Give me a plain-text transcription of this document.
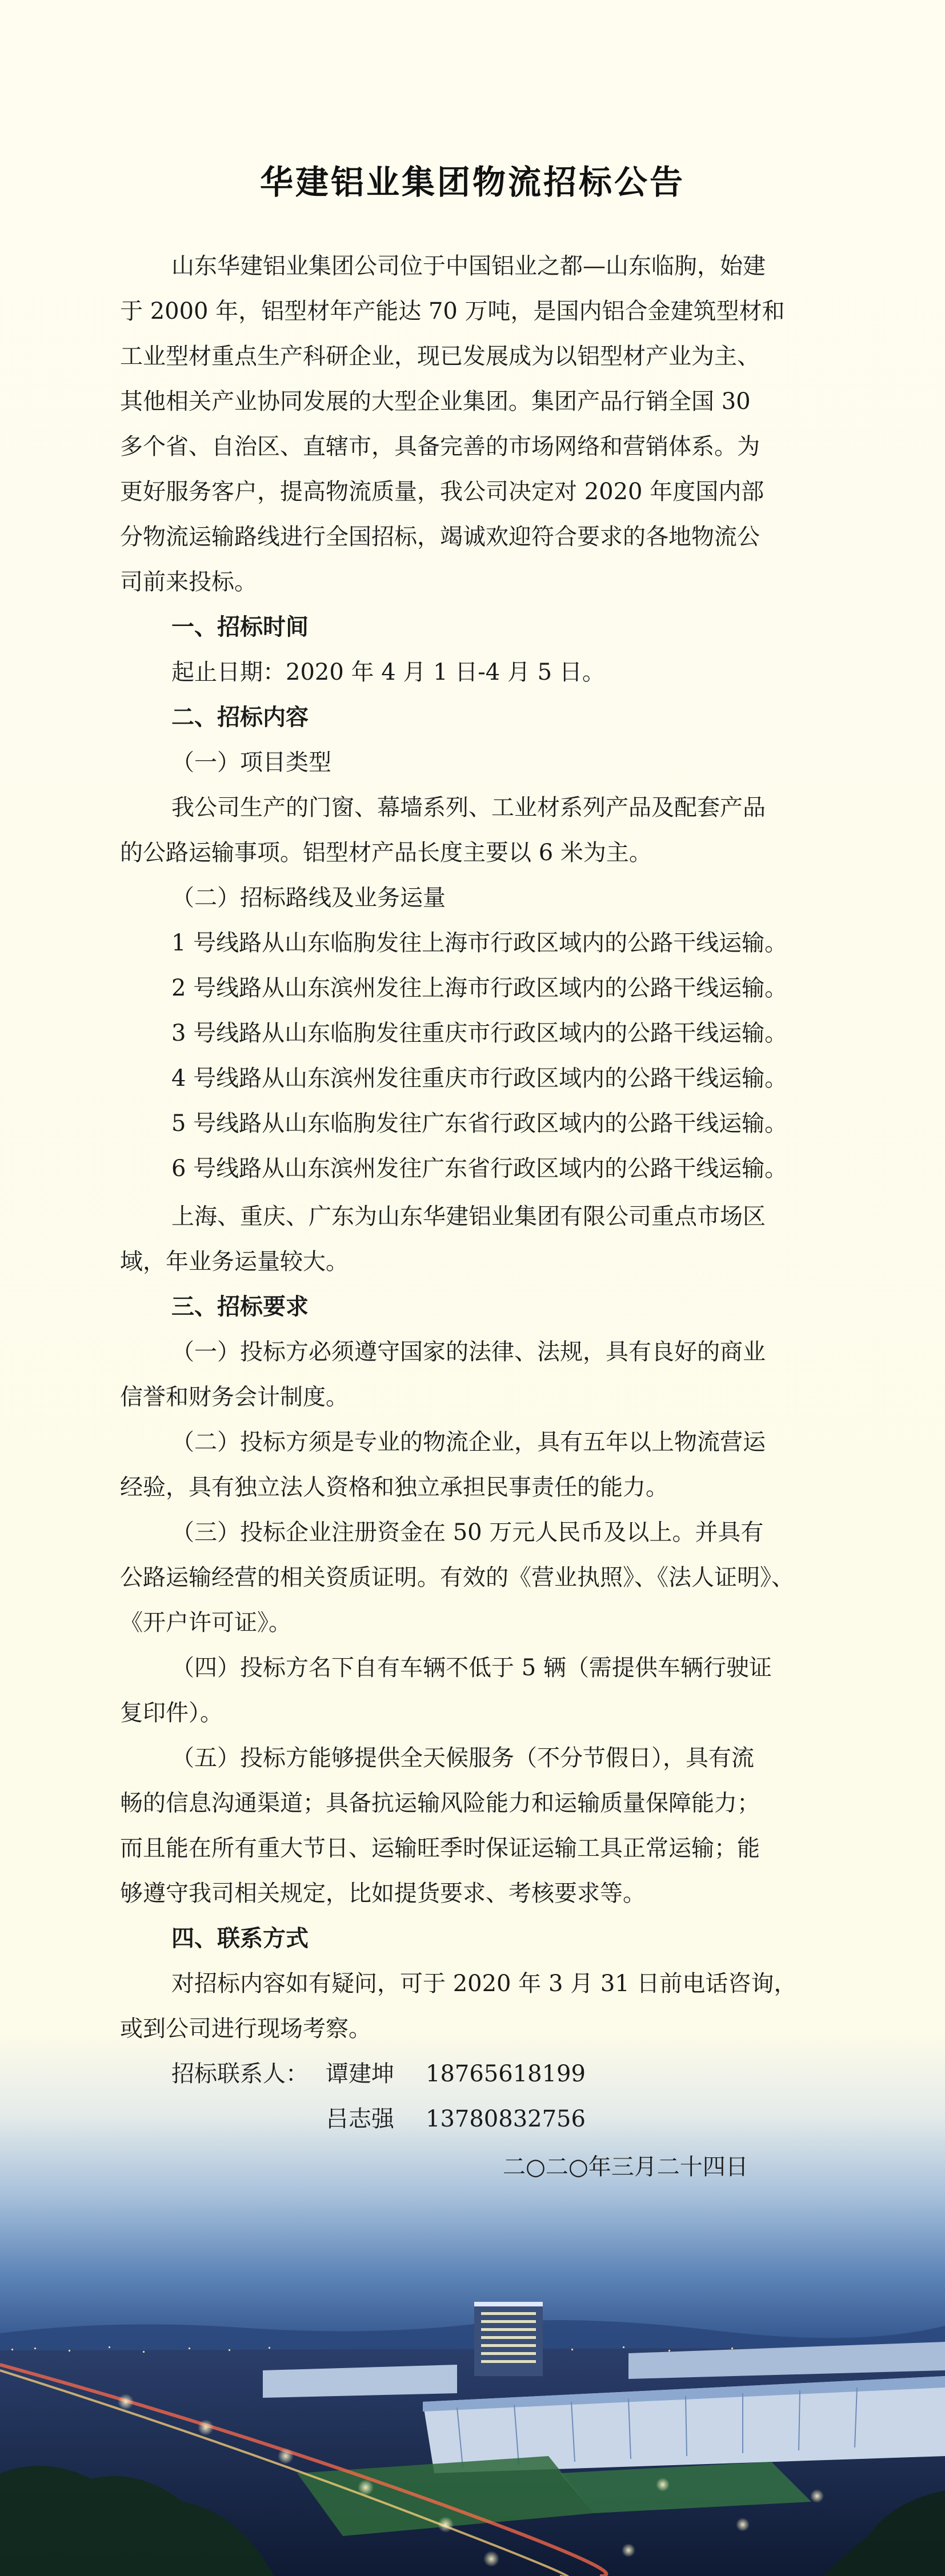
华建铝业集团物流招标公告
山东华建铝业集团公司位于中国铝业之都—山东临朐，始建
于 2000 年，铝型材年产能达 70 万吨，是国内铝合金建筑型材和
工业型材重点生产科研企业，现已发展成为以铝型材产业为主、
其他相关产业协同发展的大型企业集团。集团产品行销全国 30
多个省、自治区、直辖市，具备完善的市场网络和营销体系。为
更好服务客户，提高物流质量，我公司决定对 2020 年度国内部
分物流运输路线进行全国招标，竭诚欢迎符合要求的各地物流公
司前来投标。
一、招标时间
起止日期：2020 年 4 月 1 日-4 月 5 日。
二、招标内容
（一）项目类型
我公司生产的门窗、幕墙系列、工业材系列产品及配套产品
的公路运输事项。铝型材产品长度主要以 6 米为主。
（二）招标路线及业务运量
1 号线路从山东临朐发往上海市行政区域内的公路干线运输。
2 号线路从山东滨州发往上海市行政区域内的公路干线运输。
3 号线路从山东临朐发往重庆市行政区域内的公路干线运输。
4 号线路从山东滨州发往重庆市行政区域内的公路干线运输。
5 号线路从山东临朐发往广东省行政区域内的公路干线运输。
6 号线路从山东滨州发往广东省行政区域内的公路干线运输。
上海、重庆、广东为山东华建铝业集团有限公司重点市场区
域，年业务运量较大。
三、招标要求
（一）投标方必须遵守国家的法律、法规，具有良好的商业
信誉和财务会计制度。
（二）投标方须是专业的物流企业，具有五年以上物流营运
经验，具有独立法人资格和独立承担民事责任的能力。
（三）投标企业注册资金在 50 万元人民币及以上。并具有
公路运输经营的相关资质证明。有效的《营业执照》、《法人证明》、
《开户许可证》。
（四）投标方名下自有车辆不低于 5 辆（需提供车辆行驶证
复印件）。
（五）投标方能够提供全天候服务（不分节假日），具有流
畅的信息沟通渠道；具备抗运输风险能力和运输质量保障能力；
而且能在所有重大节日、运输旺季时保证运输工具正常运输；能
够遵守我司相关规定，比如提货要求、考核要求等。
四、联系方式
对招标内容如有疑问，可于 2020 年 3 月 31 日前电话咨询，
或到公司进行现场考察。
招标联系人： 谭建坤 18765618199
吕志强 13780832756
二○二○年三月二十四日
